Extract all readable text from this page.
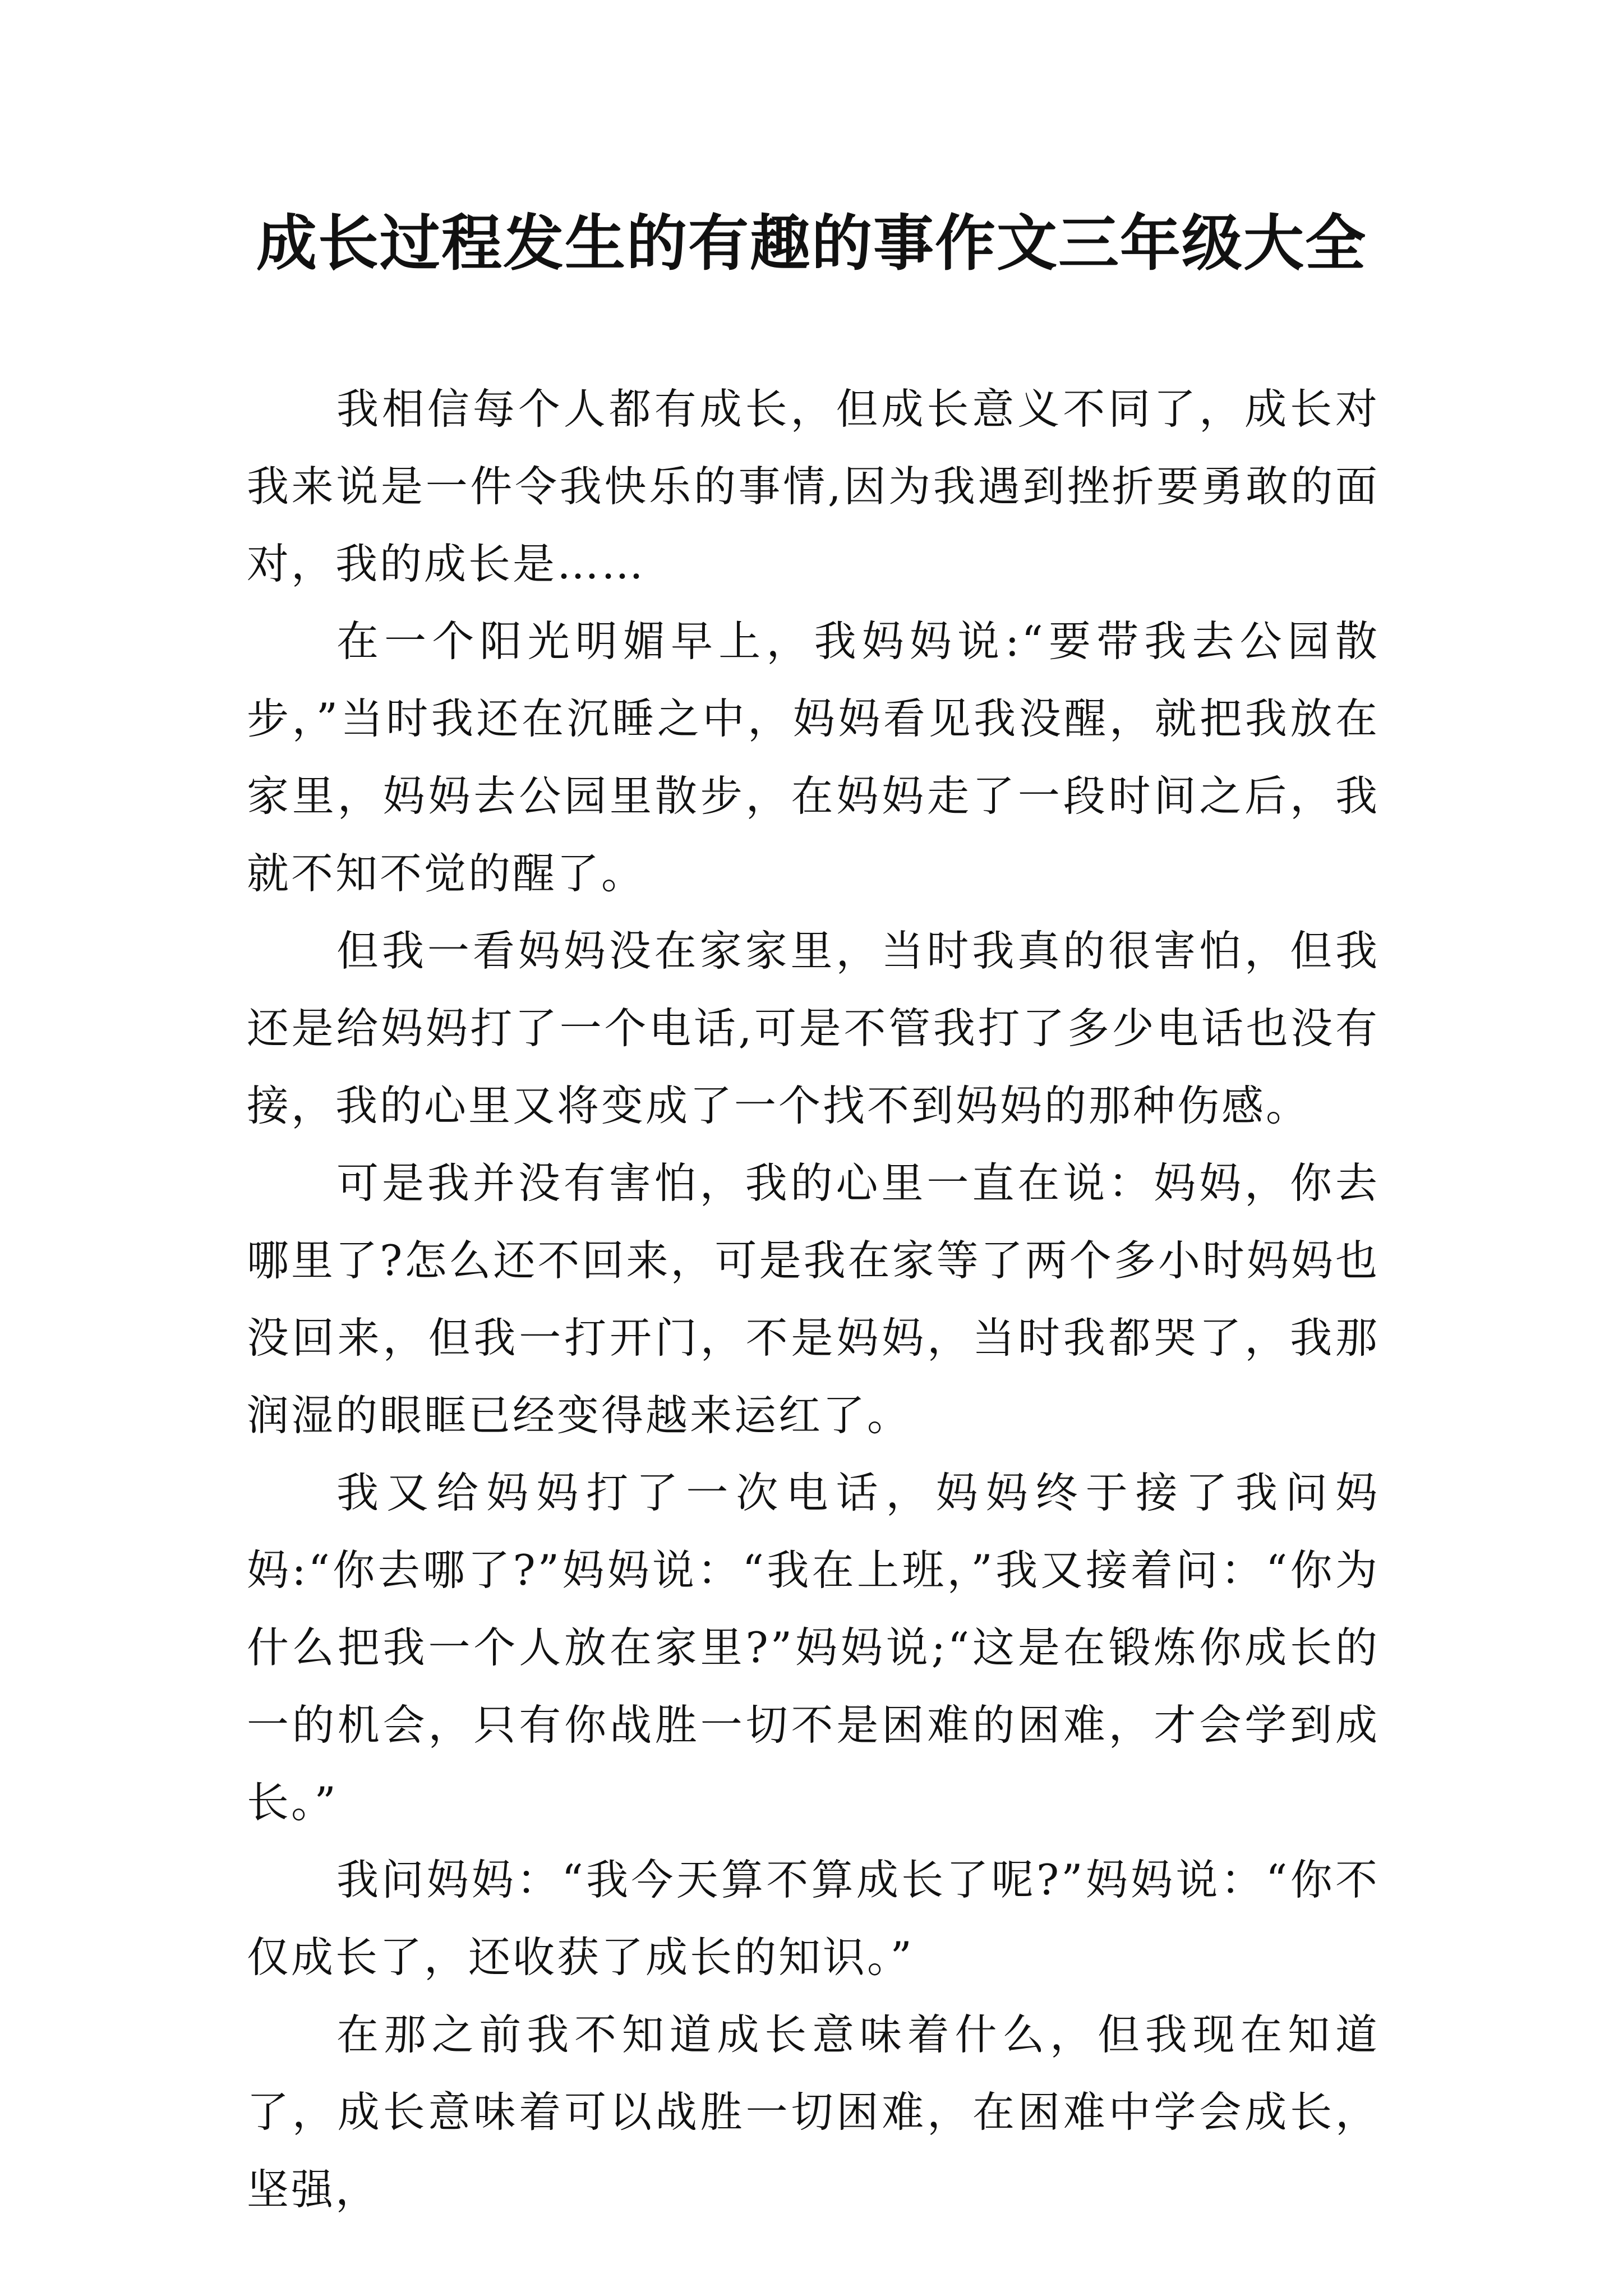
成长过程发生的有趣的事作文三年级大全

我相信每个人都有成长，但成长意义不同了，成长对我来说是一件令我快乐的事情,因为我遇到挫折要勇敢的面对，我的成长是……

在一个阳光明媚早上，我妈妈说:“要带我去公园散步，”当时我还在沉睡之中，妈妈看见我没醒，就把我放在家里，妈妈去公园里散步，在妈妈走了一段时间之后，我就不知不觉的醒了。

但我一看妈妈没在家家里，当时我真的很害怕，但我还是给妈妈打了一个电话,可是不管我打了多少电话也没有接，我的心里又将变成了一个找不到妈妈的那种伤感。

可是我并没有害怕，我的心里一直在说：妈妈，你去哪里了?怎么还不回来，可是我在家等了两个多小时妈妈也没回来，但我一打开门，不是妈妈，当时我都哭了，我那润湿的眼眶已经变得越来运红了。

我又给妈妈打了一次电话，妈妈终于接了我问妈妈:“你去哪了?”妈妈说：“我在上班，”我又接着问：“你为什么把我一个人放在家里?”妈妈说;“这是在锻炼你成长的一的机会，只有你战胜一切不是困难的困难，才会学到成长。”

我问妈妈：“我今天算不算成长了呢?”妈妈说：“你不仅成长了，还收获了成长的知识。”

在那之前我不知道成长意味着什么，但我现在知道了，成长意味着可以战胜一切困难，在困难中学会成长，坚强，
